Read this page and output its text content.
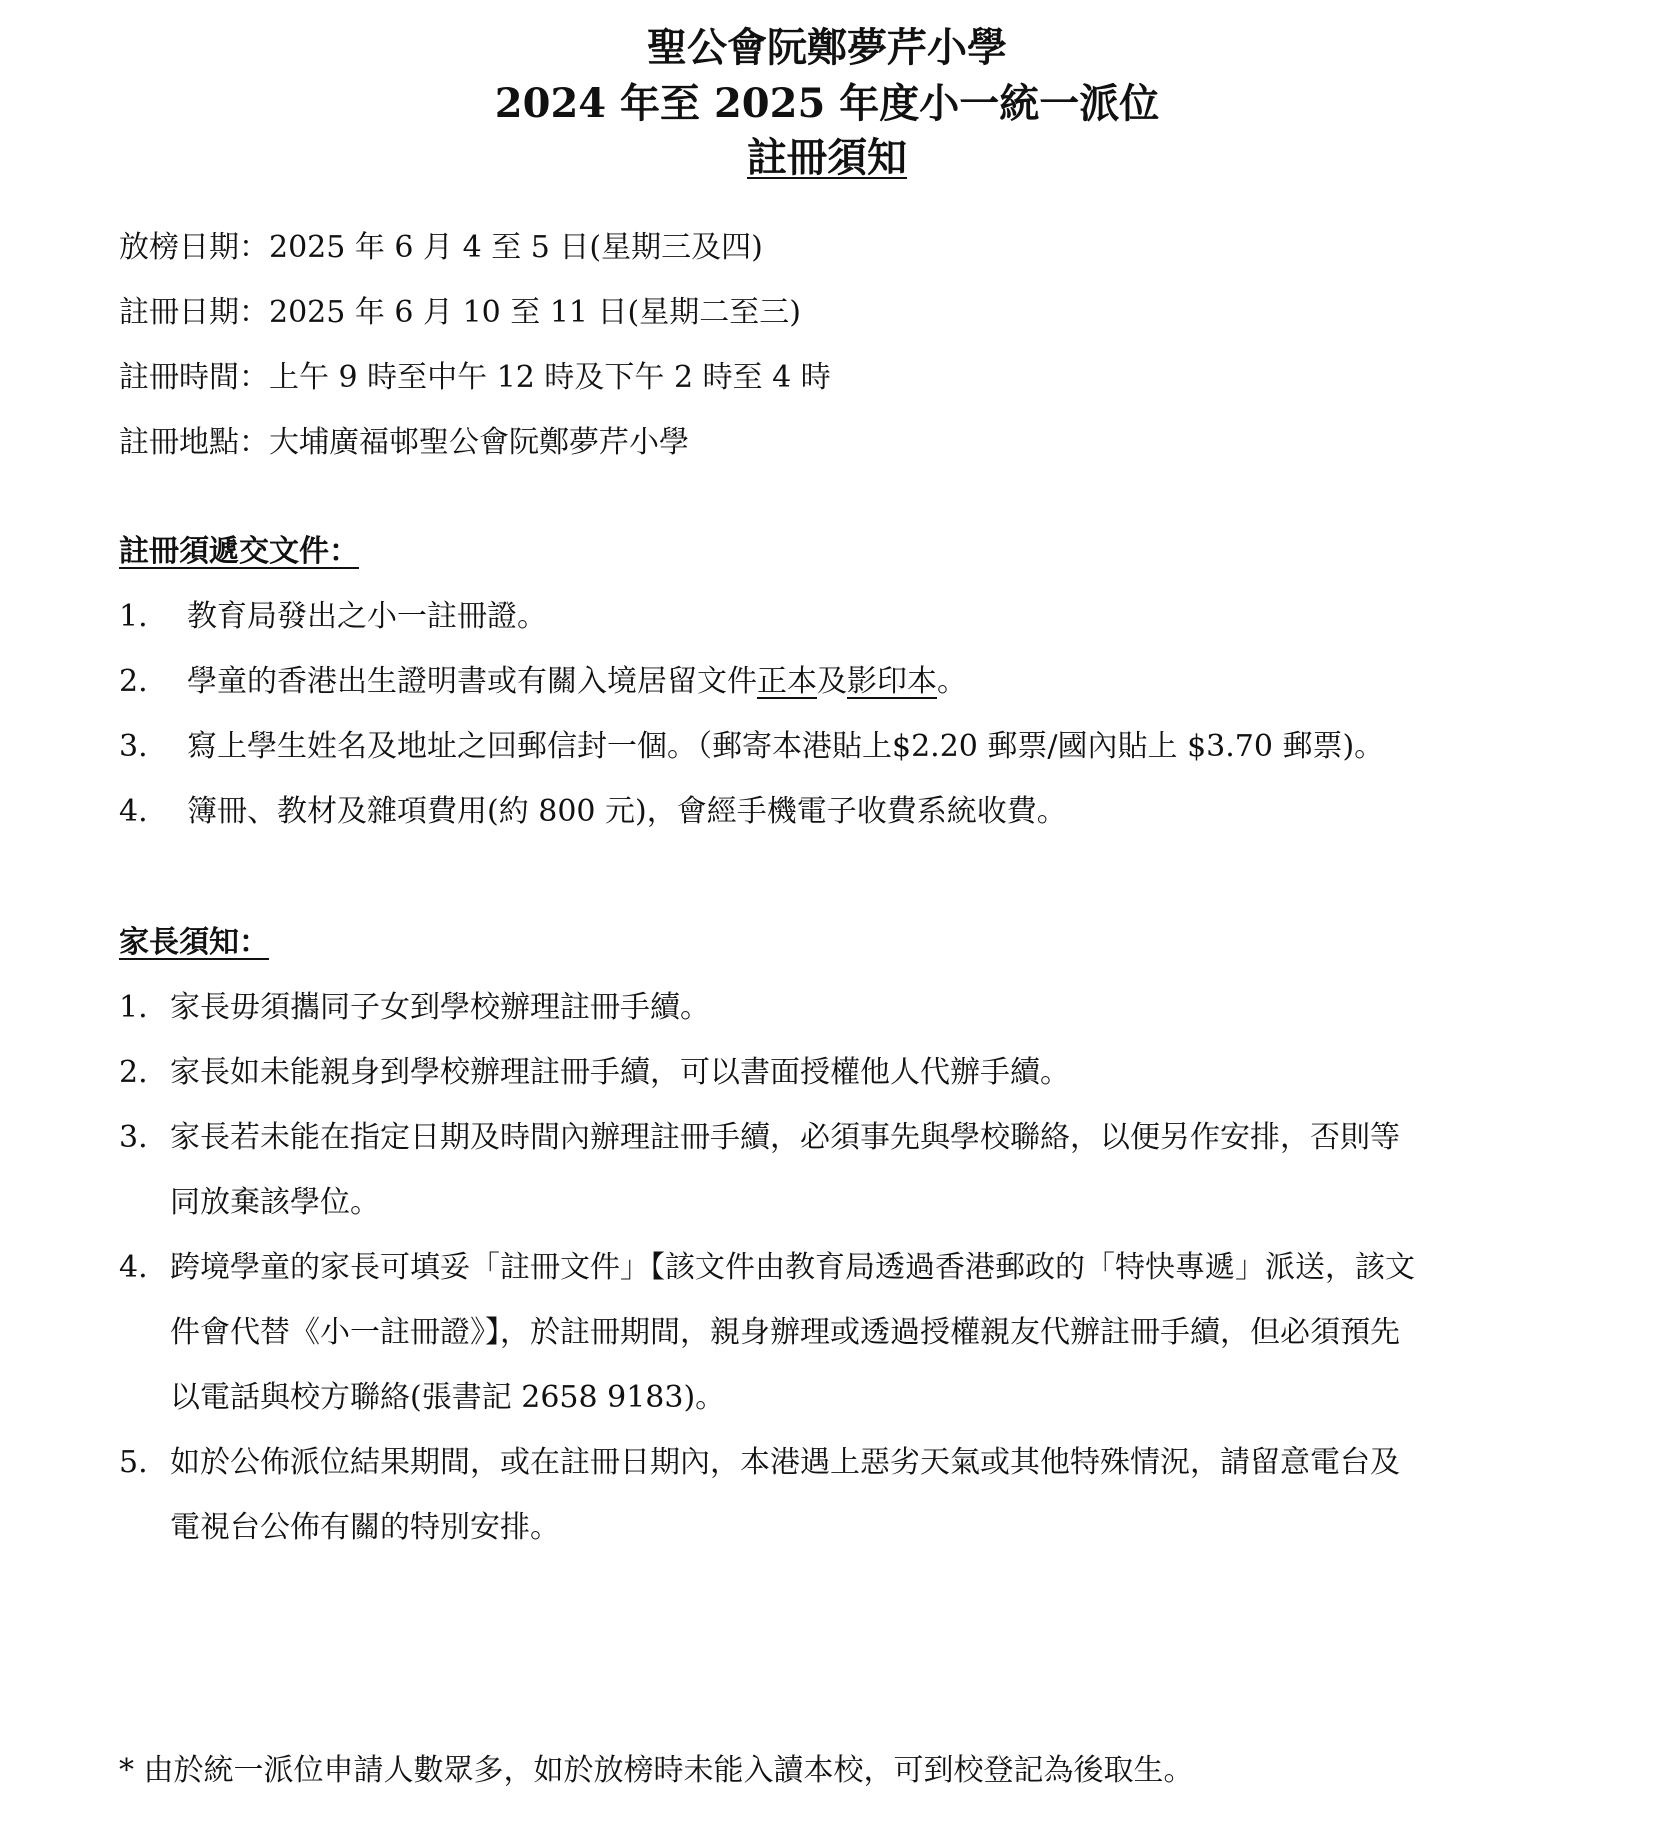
聖公會阮鄭夢芹小學
2024 年至 2025 年度小一統一派位
註冊須知
放榜日期：2025 年 6 月 4 至 5 日(星期三及四)
註冊日期：2025 年 6 月 10 至 11 日(星期二至三)
註冊時間：上午 9 時至中午 12 時及下午 2 時至 4 時
註冊地點：大埔廣福邨聖公會阮鄭夢芹小學
註冊須遞交文件：
1. 教育局發出之小一註冊證。
2. 學童的香港出生證明書或有關入境居留文件正本及影印本。
3. 寫上學生姓名及地址之回郵信封一個。（郵寄本港貼上$2.20 郵票/國內貼上 $3.70 郵票)。
4. 簿冊、教材及雜項費用(約 800 元)，會經手機電子收費系統收費。
家長須知：
1. 家長毋須攜同子女到學校辦理註冊手續。
2. 家長如未能親身到學校辦理註冊手續，可以書面授權他人代辦手續。
3. 家長若未能在指定日期及時間內辦理註冊手續，必須事先與學校聯絡，以便另作安排，否則等
同放棄該學位。
4. 跨境學童的家長可填妥「註冊文件」【該文件由教育局透過香港郵政的「特快專遞」派送，該文
件會代替《小一註冊證》】，於註冊期間，親身辦理或透過授權親友代辦註冊手續，但必須預先
以電話與校方聯絡(張書記 2658 9183)。
5. 如於公佈派位結果期間，或在註冊日期內，本港遇上惡劣天氣或其他特殊情況，請留意電台及
電視台公佈有關的特別安排。
* 由於統一派位申請人數眾多，如於放榜時未能入讀本校，可到校登記為後取生。
